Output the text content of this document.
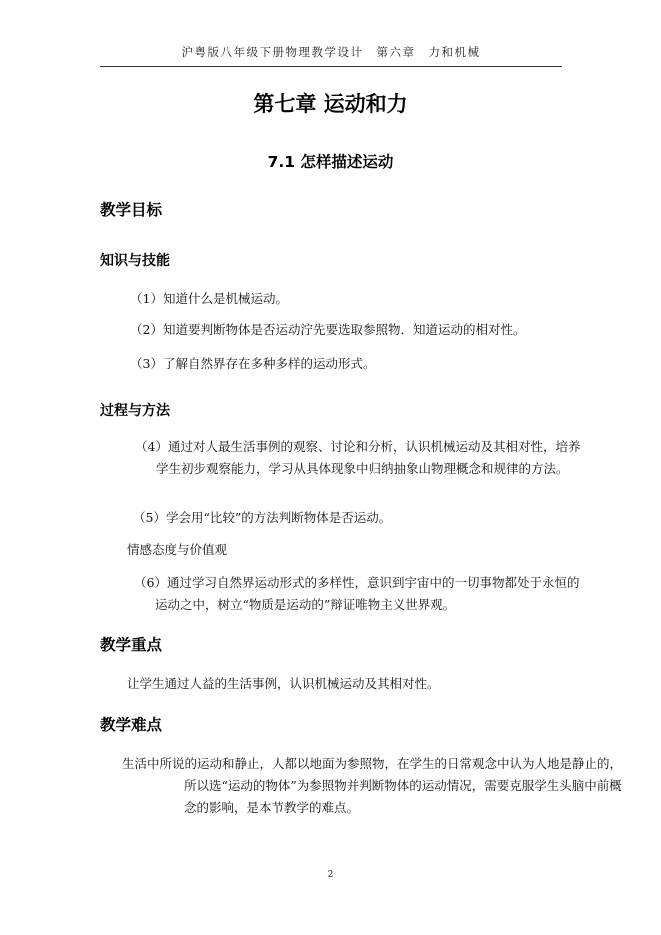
沪粤版八年级下册物理教学设计　第六章　力和机械
第七章 运动和力
7.1 怎样描述运动
教学目标
知识与技能
（1）知道什么是机械运动。
（2）知道要判断物体是否运动泞先要选取参照物．知道运动的相对性。
（3）了解自然界存在多种多样的运动形式。
过程与方法
（4）通过对人最生活事例的观察、讨论和分析，认识机械运动及其相对性，培养学生初步观察能力，学习从具体现象中归纳抽象山物理概念和规律的方法。
（5）学会用“比较”的方法判断物体是否运动。
情感态度与价值观
（6）通过学习自然界运动形式的多样性，意识到宇宙中的一切事物都处于永恒的运动之中，树立“物质是运动的”辩证唯物主义世界观。
教学重点
让学生通过人益的生活事例，认识机械运动及其相对性。
教学难点
生活中所说的运动和静止，人都以地面为参照物，在学生的日常观念中认为人地是静止的，所以选“运动的物体”为参照物并判断物体的运动情况，需要克服学生头脑中前概念的影响，是本节教学的难点。
2
